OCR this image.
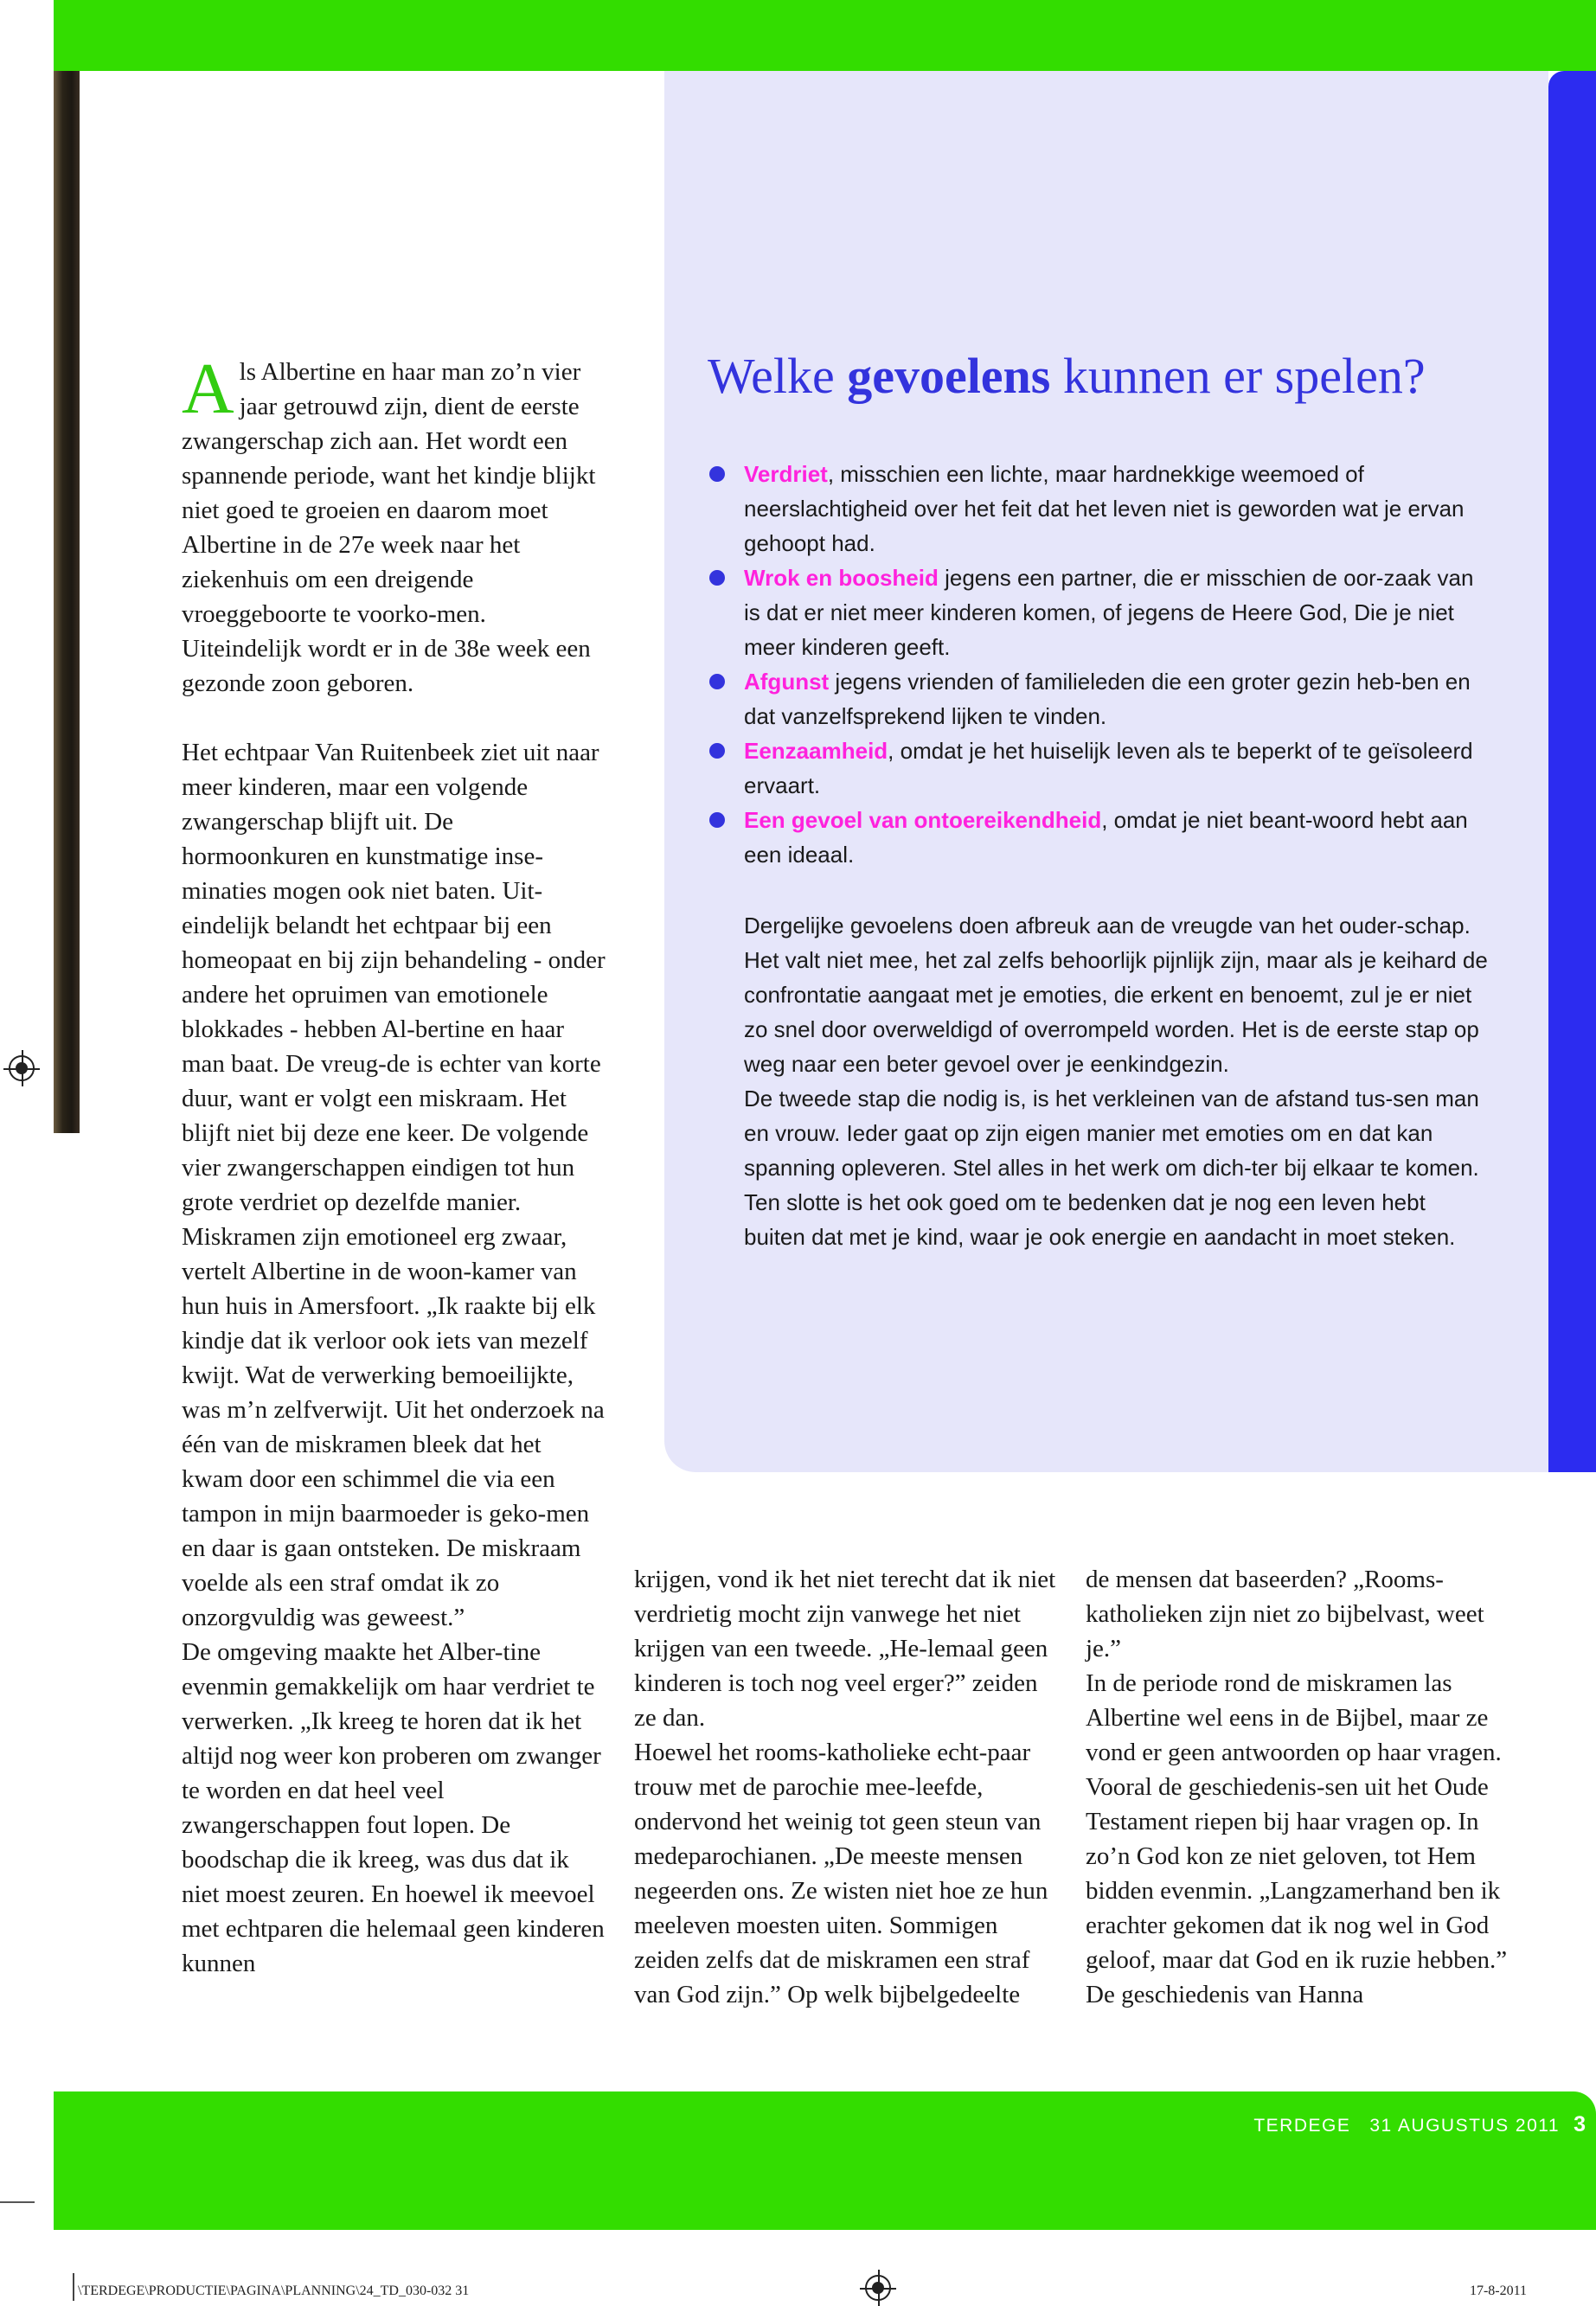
Als Albertine en haar man zo’n vier jaar getrouwd zijn, dient de eerste zwangerschap zich aan. Het wordt een spannende periode, want het kindje blijkt niet goed te groeien en daarom moet Albertine in de 27e week naar het ziekenhuis om een dreigende vroeggeboorte te voorko-men. Uiteindelijk wordt er in de 38e week een gezonde zoon geboren.

Het echtpaar Van Ruitenbeek ziet uit naar meer kinderen, maar een volgende zwangerschap blijft uit. De hormoonkuren en kunstmatige inse-minaties mogen ook niet baten. Uit-eindelijk belandt het echtpaar bij een homeopaat en bij zijn behandeling - onder andere het opruimen van emotionele blokkades - hebben Al-bertine en haar man baat. De vreug-de is echter van korte duur, want er volgt een miskraam. Het blijft niet bij deze ene keer. De volgende vier zwangerschappen eindigen tot hun grote verdriet op dezelfde manier. Miskramen zijn emotioneel erg zwaar, vertelt Albertine in de woon-kamer van hun huis in Amersfoort. „Ik raakte bij elk kindje dat ik verloor ook iets van mezelf kwijt. Wat de verwerking bemoeilijkte, was m’n zelfverwijt. Uit het onderzoek na één van de miskramen bleek dat het kwam door een schimmel die via een tampon in mijn baarmoeder is geko-men en daar is gaan ontsteken. De miskraam voelde als een straf omdat ik zo onzorgvuldig was geweest.”

De omgeving maakte het Alber-tine evenmin gemakkelijk om haar verdriet te verwerken. „Ik kreeg te horen dat ik het altijd nog weer kon proberen om zwanger te worden en dat heel veel zwangerschappen fout lopen. De boodschap die ik kreeg, was dus dat ik niet moest zeuren. En hoewel ik meevoel met echtparen die helemaal geen kinderen kunnen

Welke gevoelens kunnen er spelen?
Verdriet, misschien een lichte, maar hardnekkige weemoed of neerslachtigheid over het feit dat het leven niet is geworden wat je ervan gehoopt had.
Wrok en boosheid jegens een partner, die er misschien de oor-zaak van is dat er niet meer kinderen komen, of jegens de Heere God, Die je niet meer kinderen geeft.
Afgunst jegens vrienden of familieleden die een groter gezin heb-ben en dat vanzelfsprekend lijken te vinden.
Eenzaamheid, omdat je het huiselijk leven als te beperkt of te geïsoleerd ervaart.
Een gevoel van ontoereikendheid, omdat je niet beant-woord hebt aan een ideaal.

Dergelijke gevoelens doen afbreuk aan de vreugde van het ouder-schap. Het valt niet mee, het zal zelfs behoorlijk pijnlijk zijn, maar als je keihard de confrontatie aangaat met je emoties, die erkent en benoemt, zul je er niet zo snel door overweldigd of overrompeld worden. Het is de eerste stap op weg naar een beter gevoel over je eenkindgezin.

De tweede stap die nodig is, is het verkleinen van de afstand tus-sen man en vrouw. Ieder gaat op zijn eigen manier met emoties om en dat kan spanning opleveren. Stel alles in het werk om dich-ter bij elkaar te komen.

Ten slotte is het ook goed om te bedenken dat je nog een leven hebt buiten dat met je kind, waar je ook energie en aandacht in moet steken.

krijgen, vond ik het niet terecht dat ik niet verdrietig mocht zijn vanwege het niet krijgen van een tweede. „He-lemaal geen kinderen is toch nog veel erger?” zeiden ze dan.

Hoewel het rooms-katholieke echt-paar trouw met de parochie mee-leefde, ondervond het weinig tot geen steun van medeparochianen. „De meeste mensen negeerden ons. Ze wisten niet hoe ze hun meeleven moesten uiten. Sommigen zeiden zelfs dat de miskramen een straf van God zijn.” Op welk bijbelgedeelte

de mensen dat baseerden? „Rooms-katholieken zijn niet zo bijbelvast, weet je.”

In de periode rond de miskramen las Albertine wel eens in de Bijbel, maar ze vond er geen antwoorden op haar vragen. Vooral de geschiedenis-sen uit het Oude Testament riepen bij haar vragen op. In zo’n God kon ze niet geloven, tot Hem bidden evenmin. „Langzamerhand ben ik erachter gekomen dat ik nog wel in God geloof, maar dat God en ik ruzie hebben.” De geschiedenis van Hanna

TERDEGE 31 AUGUSTUS 2011 3
\TERDEGE\PRODUCTIE\PAGINA\PLANNING\24_TD_030-032 31	17-8-2011
